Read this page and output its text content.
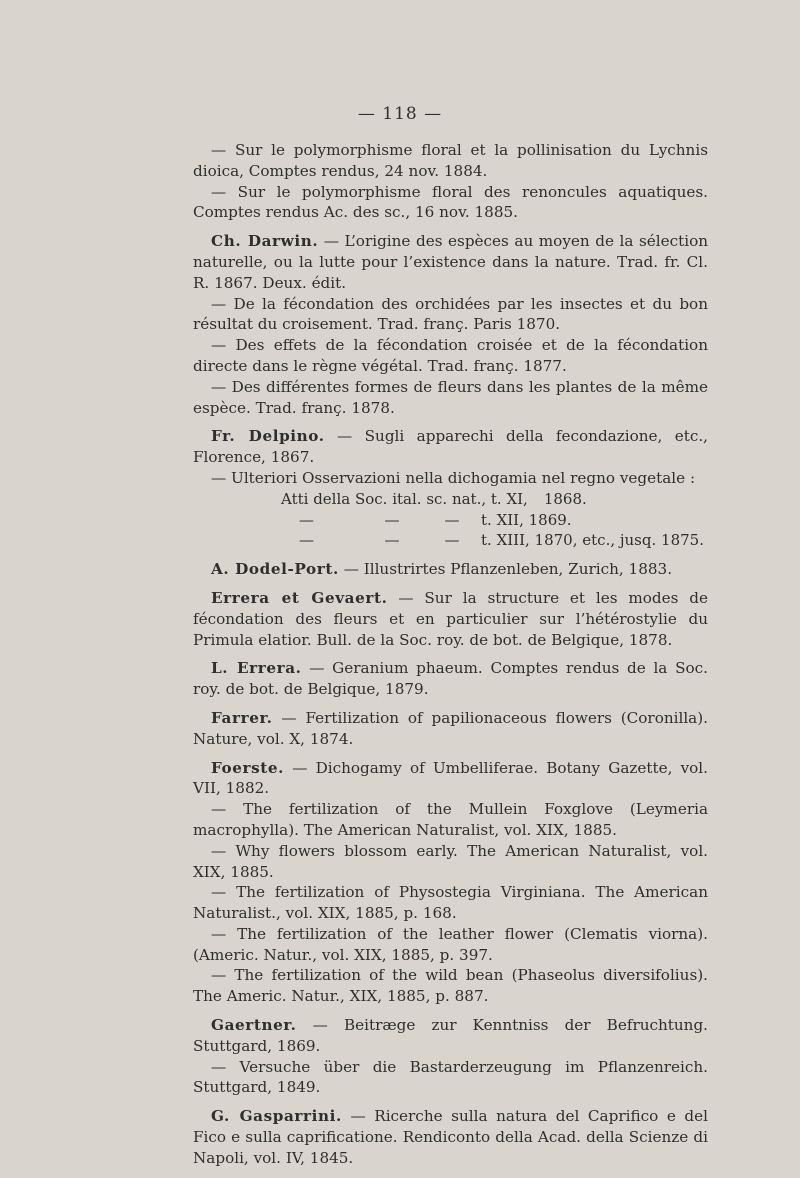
— 118 —

— Sur le polymorphisme floral et la pollinisation du Lychnis dioica, Comptes rendus, 24 nov. 1884.

— Sur le polymorphisme floral des renoncules aquatiques. Comptes rendus Ac. des sc., 16 nov. 1885.

Ch. Darwin. — L’origine des espèces au moyen de la sélection naturelle, ou la lutte pour l’existence dans la nature. Trad. fr. Cl. R. 1867. Deux. édit.

— De la fécondation des orchidées par les insectes et du bon résultat du croisement. Trad. franç. Paris 1870.

— Des effets de la fécondation croisée et de la fécondation directe dans le règne végétal. Trad. franç. 1877.

— Des différentes formes de fleurs dans les plantes de la même espèce. Trad. franç. 1878.

Fr. Delpino. — Sugli apparechi della fecondazione, etc., Florence, 1867.

— Ulteriori Osservazioni nella dichogamia nel regno vegetale :

Atti della Soc. ital. sc. nat., t. XI, 1868.
—	—	—	t. XII, 1869.
—	—	—	t. XIII, 1870, etc., jusq. 1875.

A. Dodel-Port. — Illustrirtes Pflanzenleben, Zurich, 1883.

Errera et Gevaert. — Sur la structure et les modes de fécondation des fleurs et en particulier sur l’hétérostylie du Primula elatior. Bull. de la Soc. roy. de bot. de Belgique, 1878.

L. Errera. — Geranium phaeum. Comptes rendus de la Soc. roy. de bot. de Belgique, 1879.

Farrer. — Fertilization of papilionaceous flowers (Coronilla). Nature, vol. X, 1874.

Foerste. — Dichogamy of Umbelliferae. Botany Gazette, vol. VII, 1882.

— The fertilization of the Mullein Foxglove (Leymeria macrophylla). The American Naturalist, vol. XIX, 1885.

— Why flowers blossom early. The American Naturalist, vol. XIX, 1885.

— The fertilization of Physostegia Virginiana. The American Naturalist., vol. XIX, 1885, p. 168.

— The fertilization of the leather flower (Clematis viorna). (Americ. Natur., vol. XIX, 1885, p. 397.

— The fertilization of the wild bean (Phaseolus diversifolius). The Americ. Natur., XIX, 1885, p. 887.

Gaertner. — Beitræge zur Kenntniss der Befruchtung. Stuttgard, 1869.

— Versuche über die Bastarderzeugung im Pflanzenreich. Stuttgard, 1849.

G. Gasparrini. — Ricerche sulla natura del Caprifico e del Fico e sulla caprificatione. Rendiconto della Acad. della Scienze di Napoli, vol. IV, 1845.
